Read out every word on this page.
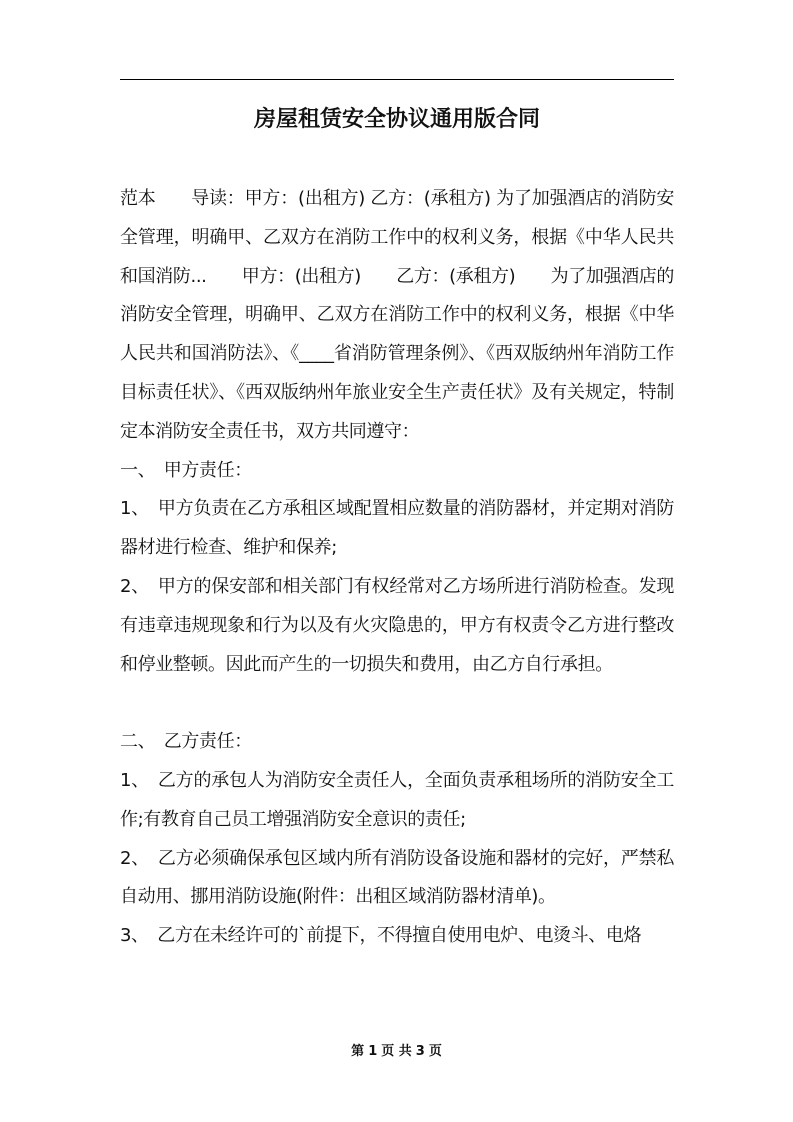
房屋租赁安全协议通用版合同

范本　　导读：甲方：(出租方) 乙方：(承租方) 为了加强酒店的消防安全管理，明确甲、乙双方在消防工作中的权利义务，根据《中华人民共和国消防...　　甲方：(出租方)　　乙方：(承租方)　　为了加强酒店的消防安全管理，明确甲、乙双方在消防工作中的权利义务，根据《中华人民共和国消防法》、《____省消防管理条例》、《西双版纳州年消防工作目标责任状》、《西双版纳州年旅业安全生产责任状》及有关规定，特制定本消防安全责任书，双方共同遵守：

一、　甲方责任：

1、　甲方负责在乙方承租区域配置相应数量的消防器材，并定期对消防器材进行检查、维护和保养;

2、　甲方的保安部和相关部门有权经常对乙方场所进行消防检查。发现有违章违规现象和行为以及有火灾隐患的，甲方有权责令乙方进行整改和停业整顿。因此而产生的一切损失和费用，由乙方自行承担。

二、　乙方责任：

1、　乙方的承包人为消防安全责任人，全面负责承租场所的消防安全工作;有教育自己员工增强消防安全意识的责任;

2、　乙方必须确保承包区域内所有消防设备设施和器材的完好，严禁私自动用、挪用消防设施(附件：出租区域消防器材清单)。

3、　乙方在未经许可的`前提下，不得擅自使用电炉、电烫斗、电烙

第 1 页 共 3 页
